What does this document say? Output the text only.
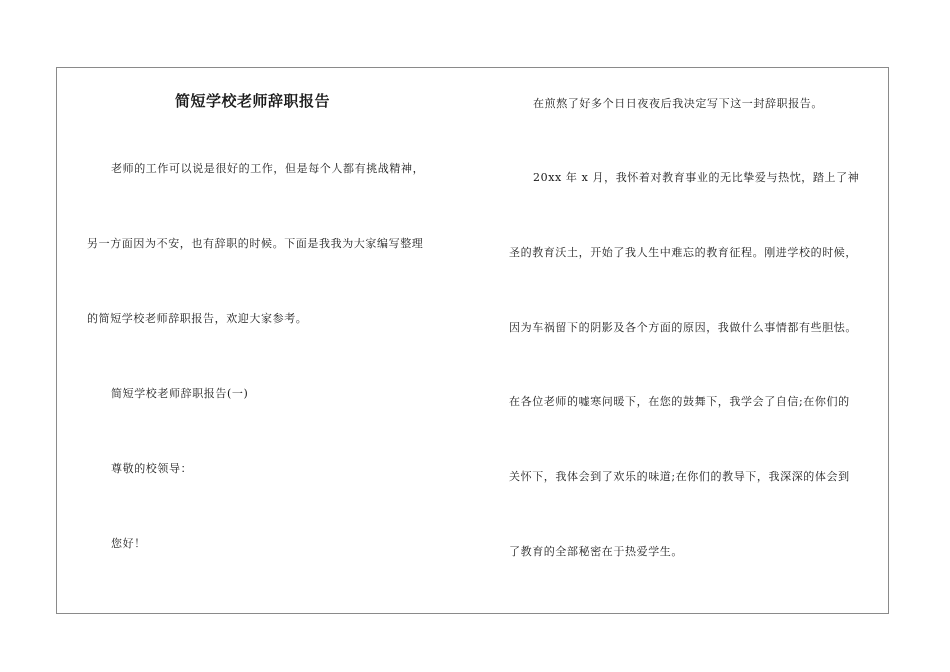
简短学校老师辞职报告
老师的工作可以说是很好的工作，但是每个人都有挑战精神，
另一方面因为不安，也有辞职的时候。下面是我我为大家编写整理
的简短学校老师辞职报告，欢迎大家参考。
简短学校老师辞职报告(一)
尊敬的校领导：
您好！
在煎熬了好多个日日夜夜后我决定写下这一封辞职报告。
20xx 年 x 月，我怀着对教育事业的无比挚爱与热忱，踏上了神
圣的教育沃土，开始了我人生中难忘的教育征程。刚进学校的时候，
因为车祸留下的阴影及各个方面的原因，我做什么事情都有些胆怯。
在各位老师的嘘寒问暖下，在您的鼓舞下，我学会了自信;在你们的
关怀下，我体会到了欢乐的味道;在你们的教导下，我深深的体会到
了教育的全部秘密在于热爱学生。
